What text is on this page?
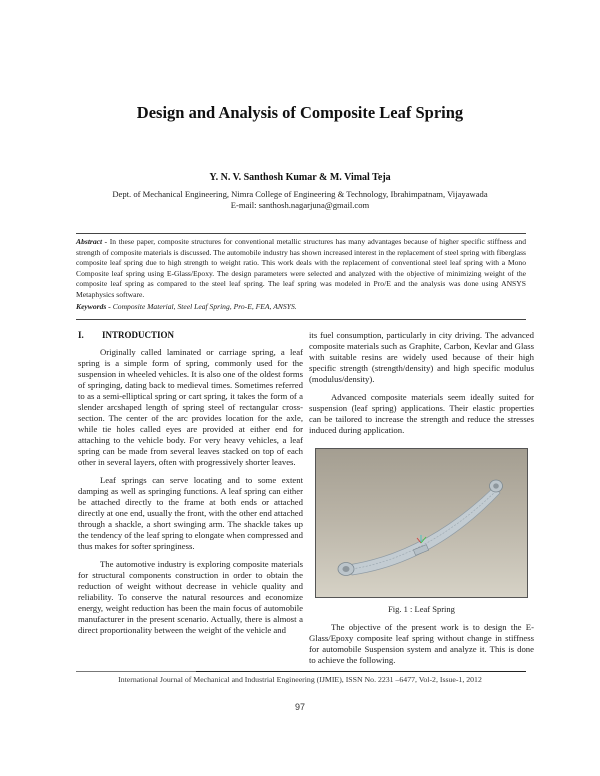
Design and Analysis of Composite Leaf Spring
Y. N. V. Santhosh Kumar & M. Vimal Teja
Dept. of Mechanical Engineering, Nimra College of Engineering & Technology, Ibrahimpatnam, Vijayawada
E-mail: santhosh.nagarjuna@gmail.com
Abstract - In these paper, composite structures for conventional metallic structures has many advantages because of higher specific stiffness and strength of composite materials is discussed. The automobile industry has shown increased interest in the replacement of steel spring with fiberglass composite leaf spring due to high strength to weight ratio. This work deals with the replacement of conventional steel leaf spring with a Mono Composite leaf spring using E-Glass/Epoxy. The design parameters were selected and analyzed with the objective of minimizing weight of the composite leaf spring as compared to the steel leaf spring. The leaf spring was modeled in Pro/E and the analysis was done using ANSYS Metaphysics software.
Keywords - Composite Material, Steel Leaf Spring, Pro-E, FEA, ANSYS.
I. INTRODUCTION

Originally called laminated or carriage spring, a leaf spring is a simple form of spring, commonly used for the suspension in wheeled vehicles. It is also one of the oldest forms of springing, dating back to medieval times. Sometimes referred to as a semi-elliptical spring or cart spring, it takes the form of a slender arcshaped length of spring steel of rectangular cross-section. The center of the arc provides location for the axle, while tie holes called eyes are provided at either end for attaching to the vehicle body. For very heavy vehicles, a leaf spring can be made from several leaves stacked on top of each other in several layers, often with progressively shorter leaves.

Leaf springs can serve locating and to some extent damping as well as springing functions. A leaf spring can either be attached directly to the frame at both ends or attached directly at one end, usually the front, with the other end attached through a shackle, a short swinging arm. The shackle takes up the tendency of the leaf spring to elongate when compressed and thus makes for softer springiness.

The automotive industry is exploring composite materials for structural components construction in order to obtain the reduction of weight without decrease in vehicle quality and reliability. To conserve the natural resources and economize energy, weight reduction has been the main focus of automobile manufacturer in the present scenario. Actually, there is almost a direct proportionality between the weight of the vehicle and

its fuel consumption, particularly in city driving. The advanced composite materials such as Graphite, Carbon, Kevlar and Glass with suitable resins are widely used because of their high specific strength (strength/density) and high specific modulus (modulus/density).

Advanced composite materials seem ideally suited for suspension (leaf spring) applications. Their elastic properties can be tailored to increase the strength and reduce the stresses induced during application.

Fig. 1 : Leaf Spring

The objective of the present work is to design the E-Glass/Epoxy composite leaf spring without change in stiffness for automobile Suspension system and analyze it. This is done to achieve the following.

International Journal of Mechanical and Industrial Engineering (IJMIE), ISSN No. 2231 –6477, Vol-2, Issue-1, 2012
97
